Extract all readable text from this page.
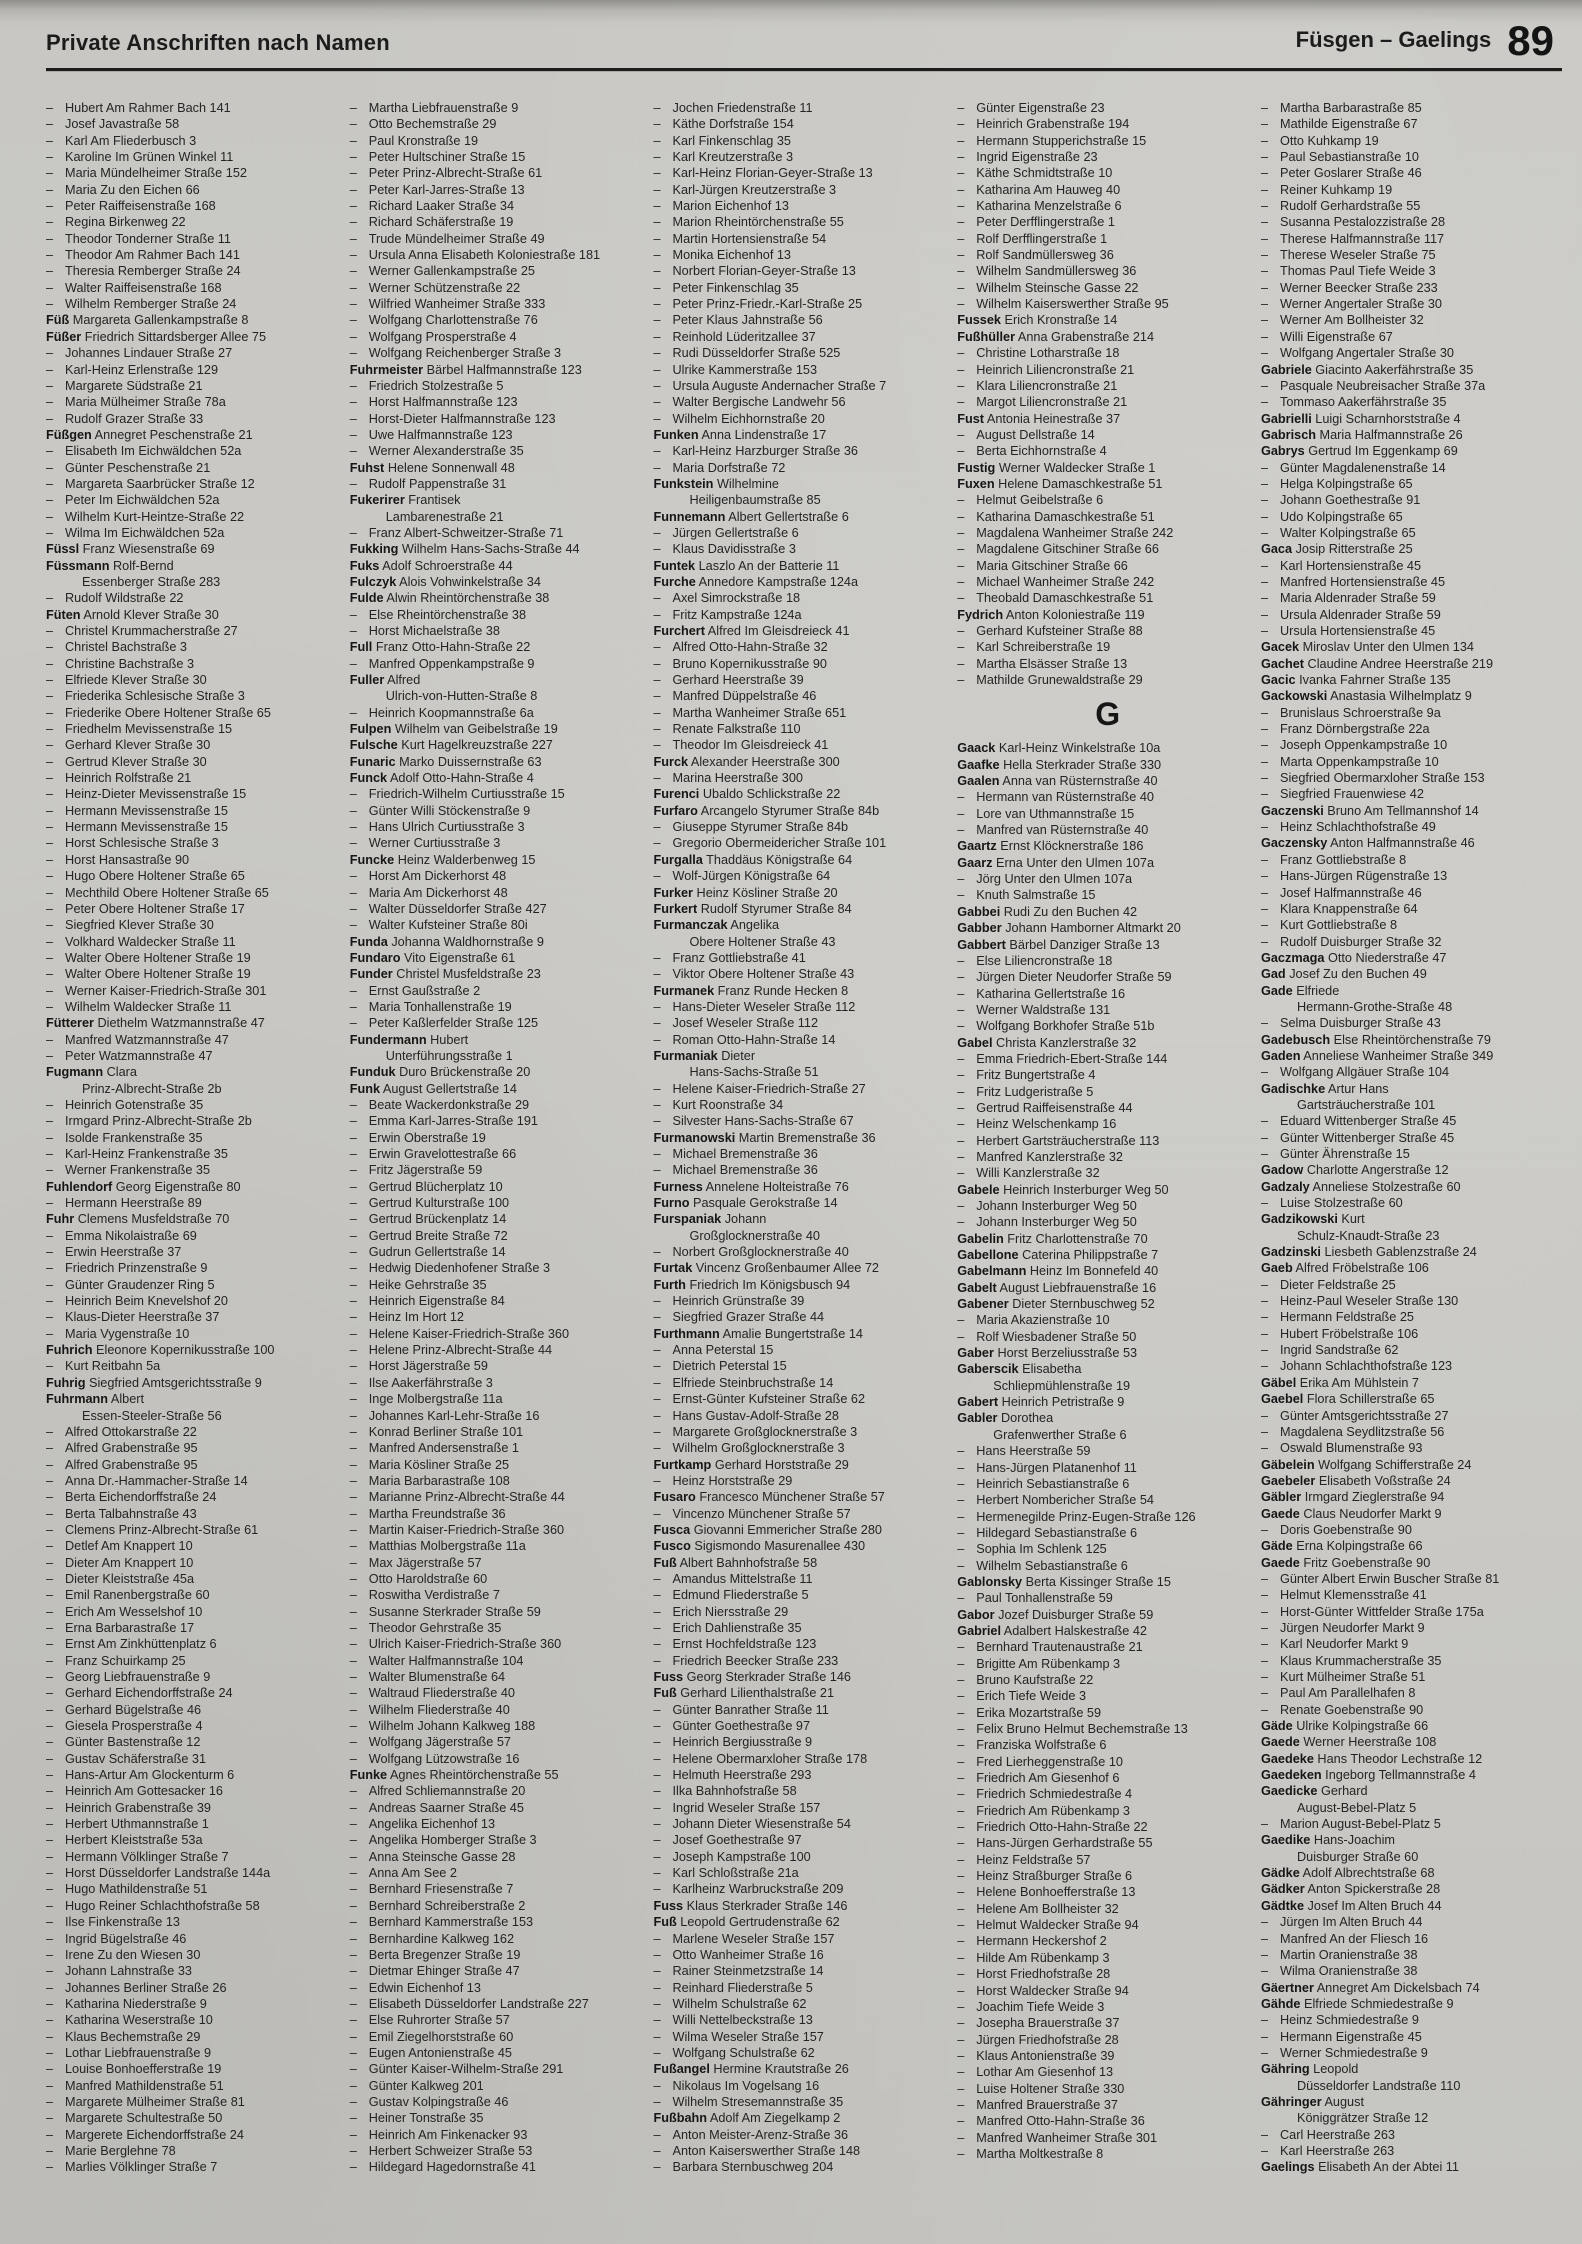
Private Anschriften nach Namen	Füsgen – Gaelings 89
– Hubert Am Rahmer Bach 141
– Josef Javastraße 58
– Karl Am Fliederbusch 3
– Karoline Im Grünen Winkel 11
– Maria Mündelheimer Straße 152
– Maria Zu den Eichen 66
– Peter Raiffeisenstraße 168
– Regina Birkenweg 22
– Theodor Tonderner Straße 11
– Theodor Am Rahmer Bach 141
– Theresia Remberger Straße 24
– Walter Raiffeisenstraße 168
– Wilhelm Remberger Straße 24
Füß Margareta Gallenkampstraße 8
Füßer Friedrich Sittardsberger Allee 75
– Johannes Lindauer Straße 27
– Karl-Heinz Erlenstraße 129
– Margarete Südstraße 21
– Maria Mülheimer Straße 78a
– Rudolf Grazer Straße 33
Füßgen Annegret Peschenstraße 21
– Elisabeth Im Eichwäldchen 52a
– Günter Peschenstraße 21
– Margareta Saarbrücker Straße 12
– Peter Im Eichwäldchen 52a
– Wilhelm Kurt-Heintze-Straße 22
– Wilma Im Eichwäldchen 52a
Füssl Franz Wiesenstraße 69
Füssmann Rolf-Bernd
Essenberger Straße 283
– Rudolf Wildstraße 22
Füten Arnold Klever Straße 30
– Christel Krummacherstraße 27
– Christel Bachstraße 3
– Christine Bachstraße 3
– Elfriede Klever Straße 30
– Friederika Schlesische Straße 3
– Friederike Obere Holtener Straße 65
– Friedhelm Mevissenstraße 15
– Gerhard Klever Straße 30
– Gertrud Klever Straße 30
– Heinrich Rolfstraße 21
– Heinz-Dieter Mevissenstraße 15
– Hermann Mevissenstraße 15
– Hermann Mevissenstraße 15
– Horst Schlesische Straße 3
– Horst Hansastraße 90
– Hugo Obere Holtener Straße 65
– Mechthild Obere Holtener Straße 65
– Peter Obere Holtener Straße 17
– Siegfried Klever Straße 30
– Volkhard Waldecker Straße 11
– Walter Obere Holtener Straße 19
– Walter Obere Holtener Straße 19
– Werner Kaiser-Friedrich-Straße 301
– Wilhelm Waldecker Straße 11
Fütterer Diethelm Watzmannstraße 47
– Manfred Watzmannstraße 47
– Peter Watzmannstraße 47
Fugmann Clara
Prinz-Albrecht-Straße 2b
– Heinrich Gotenstraße 35
– Irmgard Prinz-Albrecht-Straße 2b
– Isolde Frankenstraße 35
– Karl-Heinz Frankenstraße 35
– Werner Frankenstraße 35
Fuhlendorf Georg Eigenstraße 80
– Hermann Heerstraße 89
Fuhr Clemens Musfeldstraße 70
– Emma Nikolaistraße 69
– Erwin Heerstraße 37
– Friedrich Prinzenstraße 9
– Günter Graudenzer Ring 5
– Heinrich Beim Knevelshof 20
– Klaus-Dieter Heerstraße 37
– Maria Vygenstraße 10
Fuhrich Eleonore Kopernikusstraße 100
– Kurt Reitbahn 5a
Fuhrig Siegfried Amtsgerichtsstraße 9
Fuhrmann Albert
Essen-Steeler-Straße 56
– Alfred Ottokarstraße 22
– Alfred Grabenstraße 95
– Alfred Grabenstraße 95
– Anna Dr.-Hammacher-Straße 14
– Berta Eichendorffstraße 24
– Berta Talbahnstraße 43
– Clemens Prinz-Albrecht-Straße 61
– Detlef Am Knappert 10
– Dieter Am Knappert 10
– Dieter Kleiststraße 45a
– Emil Ranenbergstraße 60
– Erich Am Wesselshof 10
– Erna Barbarastraße 17
– Ernst Am Zinkhüttenplatz 6
– Franz Schuirkamp 25
– Georg Liebfrauenstraße 9
– Gerhard Eichendorffstraße 24
– Gerhard Bügelstraße 46
– Giesela Prosperstraße 4
– Günter Bastenstraße 12
– Gustav Schäferstraße 31
– Hans-Artur Am Glockenturm 6
– Heinrich Am Gottesacker 16
– Heinrich Grabenstraße 39
– Herbert Uthmannstraße 1
– Herbert Kleiststraße 53a
– Hermann Völklinger Straße 7
– Horst Düsseldorfer Landstraße 144a
– Hugo Mathildenstraße 51
– Hugo Reiner Schlachthofstraße 58
– Ilse Finkenstraße 13
– Ingrid Bügelstraße 46
– Irene Zu den Wiesen 30
– Johann Lahnstraße 33
– Johannes Berliner Straße 26
– Katharina Niederstraße 9
– Katharina Weserstraße 10
– Klaus Bechemstraße 29
– Lothar Liebfrauenstraße 9
– Louise Bonhoefferstraße 19
– Manfred Mathildenstraße 51
– Margarete Mülheimer Straße 81
– Margarete Schultestraße 50
– Margerete Eichendorffstraße 24
– Marie Berglehne 78
– Marlies Völklinger Straße 7
– Martha Liebfrauenstraße 9
– Otto Bechemstraße 29
– Paul Kronstraße 19
– Peter Hultschiner Straße 15
– Peter Prinz-Albrecht-Straße 61
– Peter Karl-Jarres-Straße 13
– Richard Laaker Straße 34
– Richard Schäferstraße 19
– Trude Mündelheimer Straße 49
– Ursula Anna Elisabeth Koloniestraße 181
– Werner Gallenkampstraße 25
– Werner Schützenstraße 22
– Wilfried Wanheimer Straße 333
– Wolfgang Charlottenstraße 76
– Wolfgang Prosperstraße 4
– Wolfgang Reichenberger Straße 3
Fuhrmeister Bärbel Halfmannstraße 123
– Friedrich Stolzestraße 5
– Horst Halfmannstraße 123
– Horst-Dieter Halfmannstraße 123
– Uwe Halfmannstraße 123
– Werner Alexanderstraße 35
Fuhst Helene Sonnenwall 48
– Rudolf Pappenstraße 31
Fukerirer Frantisek
Lambarenestraße 21
– Franz Albert-Schweitzer-Straße 71
Fukking Wilhelm Hans-Sachs-Straße 44
Fuks Adolf Schroerstraße 44
Fulczyk Alois Vohwinkelstraße 34
Fulde Alwin Rheintörchenstraße 38
– Else Rheintörchenstraße 38
– Horst Michaelstraße 38
Full Franz Otto-Hahn-Straße 22
– Manfred Oppenkampstraße 9
Fuller Alfred
Ulrich-von-Hutten-Straße 8
– Heinrich Koopmannstraße 6a
Fulpen Wilhelm van Geibelstraße 19
Fulsche Kurt Hagelkreuzstraße 227
Funaric Marko Duissernstraße 63
Funck Adolf Otto-Hahn-Straße 4
– Friedrich-Wilhelm Curtiusstraße 15
– Günter Willi Stöckenstraße 9
– Hans Ulrich Curtiusstraße 3
– Werner Curtiusstraße 3
Funcke Heinz Walderbenweg 15
– Horst Am Dickerhorst 48
– Maria Am Dickerhorst 48
– Walter Düsseldorfer Straße 427
– Walter Kufsteiner Straße 80i
Funda Johanna Waldhornstraße 9
Fundaro Vito Eigenstraße 61
Funder Christel Musfeldstraße 23
– Ernst Gaußstraße 2
– Maria Tonhallenstraße 19
– Peter Kaßlerfelder Straße 125
Fundermann Hubert
Unterführungsstraße 1
Funduk Duro Brückenstraße 20
Funk August Gellertstraße 14
– Beate Wackerdonkstraße 29
– Emma Karl-Jarres-Straße 191
– Erwin Oberstraße 19
– Erwin Gravelottestraße 66
– Fritz Jägerstraße 59
– Gertrud Blücherplatz 10
– Gertrud Kulturstraße 100
– Gertrud Brückenplatz 14
– Gertrud Breite Straße 72
– Gudrun Gellertstraße 14
– Hedwig Diedenhofener Straße 3
– Heike Gehrstraße 35
– Heinrich Eigenstraße 84
– Heinz Im Hort 12
– Helene Kaiser-Friedrich-Straße 360
– Helene Prinz-Albrecht-Straße 44
– Horst Jägerstraße 59
– Ilse Aakerfährstraße 3
– Inge Molbergstraße 11a
– Johannes Karl-Lehr-Straße 16
– Konrad Berliner Straße 101
– Manfred Andersenstraße 1
– Maria Kösliner Straße 25
– Maria Barbarastraße 108
– Marianne Prinz-Albrecht-Straße 44
– Martha Freundstraße 36
– Martin Kaiser-Friedrich-Straße 360
– Matthias Molbergstraße 11a
– Max Jägerstraße 57
– Otto Haroldstraße 60
– Roswitha Verdistraße 7
– Susanne Sterkrader Straße 59
– Theodor Gehrstraße 35
– Ulrich Kaiser-Friedrich-Straße 360
– Walter Halfmannstraße 104
– Walter Blumenstraße 64
– Waltraud Fliederstraße 40
– Wilhelm Fliederstraße 40
– Wilhelm Johann Kalkweg 188
– Wolfgang Jägerstraße 57
– Wolfgang Lützowstraße 16
Funke Agnes Rheintörchenstraße 55
– Alfred Schliemannstraße 20
– Andreas Saarner Straße 45
– Angelika Eichenhof 13
– Angelika Homberger Straße 3
– Anna Steinsche Gasse 28
– Anna Am See 2
– Bernhard Friesenstraße 7
– Bernhard Schreiberstraße 2
– Bernhard Kammerstraße 153
– Bernhardine Kalkweg 162
– Berta Bregenzer Straße 19
– Dietmar Ehinger Straße 47
– Edwin Eichenhof 13
– Elisabeth Düsseldorfer Landstraße 227
– Else Ruhrorter Straße 57
– Emil Ziegelhorststraße 60
– Eugen Antonienstraße 45
– Günter Kaiser-Wilhelm-Straße 291
– Günter Kalkweg 201
– Gustav Kolpingstraße 46
– Heiner Tonstraße 35
– Heinrich Am Finkenacker 93
– Herbert Schweizer Straße 53
– Hildegard Hagedornstraße 41
– Jochen Friedenstraße 11
– Käthe Dorfstraße 154
– Karl Finkenschlag 35
– Karl Kreutzerstraße 3
– Karl-Heinz Florian-Geyer-Straße 13
– Karl-Jürgen Kreutzerstraße 3
– Marion Eichenhof 13
– Marion Rheintörchenstraße 55
– Martin Hortensienstraße 54
– Monika Eichenhof 13
– Norbert Florian-Geyer-Straße 13
– Peter Finkenschlag 35
– Peter Prinz-Friedr.-Karl-Straße 25
– Peter Klaus Jahnstraße 56
– Reinhold Lüderitzallee 37
– Rudi Düsseldorfer Straße 525
– Ulrike Kammerstraße 153
– Ursula Auguste Andernacher Straße 7
– Walter Bergische Landwehr 56
– Wilhelm Eichhornstraße 20
Funken Anna Lindenstraße 17
– Karl-Heinz Harzburger Straße 36
– Maria Dorfstraße 72
Funkstein Wilhelmine
Heiligenbaumstraße 85
Funnemann Albert Gellertstraße 6
– Jürgen Gellertstraße 6
– Klaus Davidisstraße 3
Funtek Laszlo An der Batterie 11
Furche Annedore Kampstraße 124a
– Axel Simrockstraße 18
– Fritz Kampstraße 124a
Furchert Alfred Im Gleisdreieck 41
– Alfred Otto-Hahn-Straße 32
– Bruno Kopernikusstraße 90
– Gerhard Heerstraße 39
– Manfred Düppelstraße 46
– Martha Wanheimer Straße 651
– Renate Falkstraße 110
– Theodor Im Gleisdreieck 41
Furck Alexander Heerstraße 300
– Marina Heerstraße 300
Furenci Ubaldo Schlickstraße 22
Furfaro Arcangelo Styrumer Straße 84b
– Giuseppe Styrumer Straße 84b
– Gregorio Obermeidericher Straße 101
Furgalla Thaddäus Königstraße 64
– Wolf-Jürgen Königstraße 64
Furker Heinz Kösliner Straße 20
Furkert Rudolf Styrumer Straße 84
Furmanczak Angelika
Obere Holtener Straße 43
– Franz Gottliebstraße 41
– Viktor Obere Holtener Straße 43
Furmanek Franz Runde Hecken 8
– Hans-Dieter Weseler Straße 112
– Josef Weseler Straße 112
– Roman Otto-Hahn-Straße 14
Furmaniak Dieter
Hans-Sachs-Straße 51
– Helene Kaiser-Friedrich-Straße 27
– Kurt Roonstraße 34
– Silvester Hans-Sachs-Straße 67
Furmanowski Martin Bremenstraße 36
– Michael Bremenstraße 36
– Michael Bremenstraße 36
Furness Annelene Holteistraße 76
Furno Pasquale Gerokstraße 14
Furspaniak Johann
Großglocknerstraße 40
– Norbert Großglocknerstraße 40
Furtak Vincenz Großenbaumer Allee 72
Furth Friedrich Im Königsbusch 94
– Heinrich Grünstraße 39
– Siegfried Grazer Straße 44
Furthmann Amalie Bungertstraße 14
– Anna Peterstal 15
– Dietrich Peterstal 15
– Elfriede Steinbruchstraße 14
– Ernst-Günter Kufsteiner Straße 62
– Hans Gustav-Adolf-Straße 28
– Margarete Großglocknerstraße 3
– Wilhelm Großglocknerstraße 3
Furtkamp Gerhard Horststraße 29
– Heinz Horststraße 29
Fusaro Francesco Münchener Straße 57
– Vincenzo Münchener Straße 57
Fusca Giovanni Emmericher Straße 280
Fusco Sigismondo Masurenallee 430
Fuß Albert Bahnhofstraße 58
– Amandus Mittelstraße 11
– Edmund Fliederstraße 5
– Erich Niersstraße 29
– Erich Dahlienstraße 35
– Ernst Hochfeldstraße 123
– Friedrich Beecker Straße 233
Fuss Georg Sterkrader Straße 146
Fuß Gerhard Lilienthalstraße 21
– Günter Banrather Straße 11
– Günter Goethestraße 97
– Heinrich Bergiusstraße 9
– Helene Obermarxloher Straße 178
– Helmuth Heerstraße 293
– Ilka Bahnhofstraße 58
– Ingrid Weseler Straße 157
– Johann Dieter Wiesenstraße 54
– Josef Goethestraße 97
– Joseph Kampstraße 100
– Karl Schloßstraße 21a
– Karlheinz Warbruckstraße 209
Fuss Klaus Sterkrader Straße 146
Fuß Leopold Gertrudenstraße 62
– Marlene Weseler Straße 157
– Otto Wanheimer Straße 16
– Rainer Steinmetzstraße 14
– Reinhard Fliederstraße 5
– Wilhelm Schulstraße 62
– Willi Nettelbeckstraße 13
– Wilma Weseler Straße 157
– Wolfgang Schulstraße 62
Fußangel Hermine Krautstraße 26
– Nikolaus Im Vogelsang 16
– Wilhelm Stresemannstraße 35
Fußbahn Adolf Am Ziegelkamp 2
– Anton Meister-Arenz-Straße 36
– Anton Kaiserswerther Straße 148
– Barbara Sternbuschweg 204
– Günter Eigenstraße 23
– Heinrich Grabenstraße 194
– Hermann Stupperichstraße 15
– Ingrid Eigenstraße 23
– Käthe Schmidtstraße 10
– Katharina Am Hauweg 40
– Katharina Menzelstraße 6
– Peter Derfflingerstraße 1
– Rolf Derfflingerstraße 1
– Rolf Sandmüllersweg 36
– Wilhelm Sandmüllersweg 36
– Wilhelm Steinsche Gasse 22
– Wilhelm Kaiserswerther Straße 95
Fussek Erich Kronstraße 14
Fußhüller Anna Grabenstraße 214
– Christine Lotharstraße 18
– Heinrich Liliencronstraße 21
– Klara Liliencronstraße 21
– Margot Liliencronstraße 21
Fust Antonia Heinestraße 37
– August Dellstraße 14
– Berta Eichhornstraße 4
Fustig Werner Waldecker Straße 1
Fuxen Helene Damaschkestraße 51
– Helmut Geibelstraße 6
– Katharina Damaschkestraße 51
– Magdalena Wanheimer Straße 242
– Magdalene Gitschiner Straße 66
– Maria Gitschiner Straße 66
– Michael Wanheimer Straße 242
– Theobald Damaschkestraße 51
Fydrich Anton Koloniestraße 119
– Gerhard Kufsteiner Straße 88
– Karl Schreiberstraße 19
– Martha Elsässer Straße 13
– Mathilde Grunewaldstraße 29
G
Gaack Karl-Heinz Winkelstraße 10a
Gaafke Hella Sterkrader Straße 330
Gaalen Anna van Rüsternstraße 40
– Hermann van Rüsternstraße 40
– Lore van Uthmannstraße 15
– Manfred van Rüsternstraße 40
Gaartz Ernst Klöcknerstraße 186
Gaarz Erna Unter den Ulmen 107a
– Jörg Unter den Ulmen 107a
– Knuth Salmstraße 15
Gabbei Rudi Zu den Buchen 42
Gabber Johann Hamborner Altmarkt 20
Gabbert Bärbel Danziger Straße 13
– Else Liliencronstraße 18
– Jürgen Dieter Neudorfer Straße 59
– Katharina Gellertstraße 16
– Werner Waldstraße 131
– Wolfgang Borkhofer Straße 51b
Gabel Christa Kanzlerstraße 32
– Emma Friedrich-Ebert-Straße 144
– Fritz Bungertstraße 4
– Fritz Ludgeristraße 5
– Gertrud Raiffeisenstraße 44
– Heinz Welschenkamp 16
– Herbert Gartsträucherstraße 113
– Manfred Kanzlerstraße 32
– Willi Kanzlerstraße 32
Gabele Heinrich Insterburger Weg 50
– Johann Insterburger Weg 50
– Johann Insterburger Weg 50
Gabelin Fritz Charlottenstraße 70
Gabellone Caterina Philippstraße 7
Gabelmann Heinz Im Bonnefeld 40
Gabelt August Liebfrauenstraße 16
Gabener Dieter Sternbuschweg 52
– Maria Akazienstraße 10
– Rolf Wiesbadener Straße 50
Gaber Horst Berzeliusstraße 53
Gaberscik Elisabetha
Schliepmühlenstraße 19
Gabert Heinrich Petristraße 9
Gabler Dorothea
Grafenwerther Straße 6
– Hans Heerstraße 59
– Hans-Jürgen Platanenhof 11
– Heinrich Sebastianstraße 6
– Herbert Nombericher Straße 54
– Hermenegilde Prinz-Eugen-Straße 126
– Hildegard Sebastianstraße 6
– Sophia Im Schlenk 125
– Wilhelm Sebastianstraße 6
Gablonsky Berta Kissinger Straße 15
– Paul Tonhallenstraße 59
Gabor Jozef Duisburger Straße 59
Gabriel Adalbert Halskestraße 42
– Bernhard Trautenaustraße 21
– Brigitte Am Rübenkamp 3
– Bruno Kaufstraße 22
– Erich Tiefe Weide 3
– Erika Mozartstraße 59
– Felix Bruno Helmut Bechemstraße 13
– Franziska Wolfstraße 6
– Fred Lierheggenstraße 10
– Friedrich Am Giesenhof 6
– Friedrich Schmiedestraße 4
– Friedrich Am Rübenkamp 3
– Friedrich Otto-Hahn-Straße 22
– Hans-Jürgen Gerhardstraße 55
– Heinz Feldstraße 57
– Heinz Straßburger Straße 6
– Helene Bonhoefferstraße 13
– Helene Am Bollheister 32
– Helmut Waldecker Straße 94
– Hermann Heckershof 2
– Hilde Am Rübenkamp 3
– Horst Friedhofstraße 28
– Horst Waldecker Straße 94
– Joachim Tiefe Weide 3
– Josepha Brauerstraße 37
– Jürgen Friedhofstraße 28
– Klaus Antonienstraße 39
– Lothar Am Giesenhof 13
– Luise Holtener Straße 330
– Manfred Brauerstraße 37
– Manfred Otto-Hahn-Straße 36
– Manfred Wanheimer Straße 301
– Martha Moltkestraße 8
– Martha Barbarastraße 85
– Mathilde Eigenstraße 67
– Otto Kuhkamp 19
– Paul Sebastianstraße 10
– Peter Goslarer Straße 46
– Reiner Kuhkamp 19
– Rudolf Gerhardstraße 55
– Susanna Pestalozzistraße 28
– Therese Halfmannstraße 117
– Therese Weseler Straße 75
– Thomas Paul Tiefe Weide 3
– Werner Beecker Straße 233
– Werner Angertaler Straße 30
– Werner Am Bollheister 32
– Willi Eigenstraße 67
– Wolfgang Angertaler Straße 30
Gabriele Giacinto Aakerfährstraße 35
– Pasquale Neubreisacher Straße 37a
– Tommaso Aakerfährstraße 35
Gabrielli Luigi Scharnhorststraße 4
Gabrisch Maria Halfmannstraße 26
Gabrys Gertrud Im Eggenkamp 69
– Günter Magdalenenstraße 14
– Helga Kolpingstraße 65
– Johann Goethestraße 91
– Udo Kolpingstraße 65
– Walter Kolpingstraße 65
Gaca Josip Ritterstraße 25
– Karl Hortensienstraße 45
– Manfred Hortensienstraße 45
– Maria Aldenrader Straße 59
– Ursula Aldenrader Straße 59
– Ursula Hortensienstraße 45
Gacek Miroslav Unter den Ulmen 134
Gachet Claudine Andree Heerstraße 219
Gacic Ivanka Fahrner Straße 135
Gackowski Anastasia Wilhelmplatz 9
– Brunislaus Schroerstraße 9a
– Franz Dörnbergstraße 22a
– Joseph Oppenkampstraße 10
– Marta Oppenkampstraße 10
– Siegfried Obermarxloher Straße 153
– Siegfried Frauenwiese 42
Gaczenski Bruno Am Tellmannshof 14
– Heinz Schlachthofstraße 49
Gaczensky Anton Halfmannstraße 46
– Franz Gottliebstraße 8
– Hans-Jürgen Rügenstraße 13
– Josef Halfmannstraße 46
– Klara Knappenstraße 64
– Kurt Gottliebstraße 8
– Rudolf Duisburger Straße 32
Gaczmaga Otto Niederstraße 47
Gad Josef Zu den Buchen 49
Gade Elfriede
Hermann-Grothe-Straße 48
– Selma Duisburger Straße 43
Gadebusch Else Rheintörchenstraße 79
Gaden Anneliese Wanheimer Straße 349
– Wolfgang Allgäuer Straße 104
Gadischke Artur Hans
Gartsträucherstraße 101
– Eduard Wittenberger Straße 45
– Günter Wittenberger Straße 45
– Günter Ährenstraße 15
Gadow Charlotte Angerstraße 12
Gadzaly Anneliese Stolzestraße 60
– Luise Stolzestraße 60
Gadzikowski Kurt
Schulz-Knaudt-Straße 23
Gadzinski Liesbeth Gablenzstraße 24
Gaeb Alfred Fröbelstraße 106
– Dieter Feldstraße 25
– Heinz-Paul Weseler Straße 130
– Hermann Feldstraße 25
– Hubert Fröbelstraße 106
– Ingrid Sandstraße 62
– Johann Schlachthofstraße 123
Gäbel Erika Am Mühlstein 7
Gaebel Flora Schillerstraße 65
– Günter Amtsgerichtsstraße 27
– Magdalena Seydlitzstraße 56
– Oswald Blumenstraße 93
Gäbelein Wolfgang Schifferstraße 24
Gaebeler Elisabeth Voßstraße 24
Gäbler Irmgard Zieglerstraße 94
Gaede Claus Neudorfer Markt 9
– Doris Goebenstraße 90
Gäde Erna Kolpingstraße 66
Gaede Fritz Goebenstraße 90
– Günter Albert Erwin Buscher Straße 81
– Helmut Klemensstraße 41
– Horst-Günter Wittfelder Straße 175a
– Jürgen Neudorfer Markt 9
– Karl Neudorfer Markt 9
– Klaus Krummacherstraße 35
– Kurt Mülheimer Straße 51
– Paul Am Parallelhafen 8
– Renate Goebenstraße 90
Gäde Ulrike Kolpingstraße 66
Gaede Werner Heerstraße 108
Gaedeke Hans Theodor Lechstraße 12
Gaedeken Ingeborg Tellmannstraße 4
Gaedicke Gerhard
August-Bebel-Platz 5
– Marion August-Bebel-Platz 5
Gaedike Hans-Joachim
Duisburger Straße 60
Gädke Adolf Albrechtstraße 68
Gädker Anton Spickerstraße 28
Gädtke Josef Im Alten Bruch 44
– Jürgen Im Alten Bruch 44
– Manfred An der Fliesch 16
– Martin Oranienstraße 38
– Wilma Oranienstraße 38
Gäertner Annegret Am Dickelsbach 74
Gähde Elfriede Schmiedestraße 9
– Heinz Schmiedestraße 9
– Hermann Eigenstraße 45
– Werner Schmiedestraße 9
Gähring Leopold
Düsseldorfer Landstraße 110
Gähringer August
Königgrätzer Straße 12
– Carl Heerstraße 263
– Karl Heerstraße 263
Gaelings Elisabeth An der Abtei 11
